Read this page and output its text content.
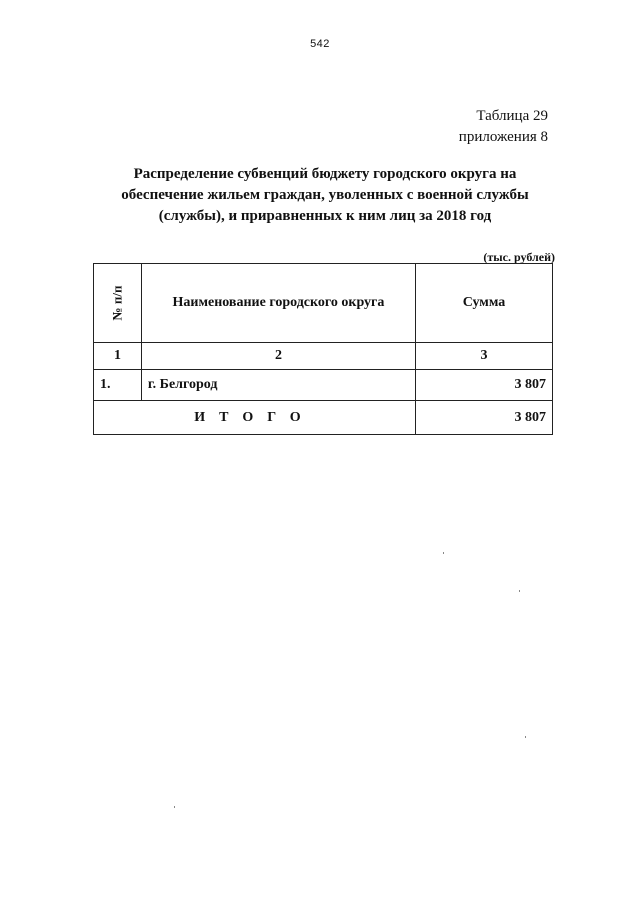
542
Таблица 29
приложения 8
Распределение субвенций бюджету городского округа на
обеспечение жильем граждан, уволенных с военной службы
(службы), и приравненных к ним лиц за 2018 год
(тыс. рублей)
№ п/п	Наименование городского округа	Сумма
1	2	3
1.	г. Белгород	3 807
ИТОГО		3 807
